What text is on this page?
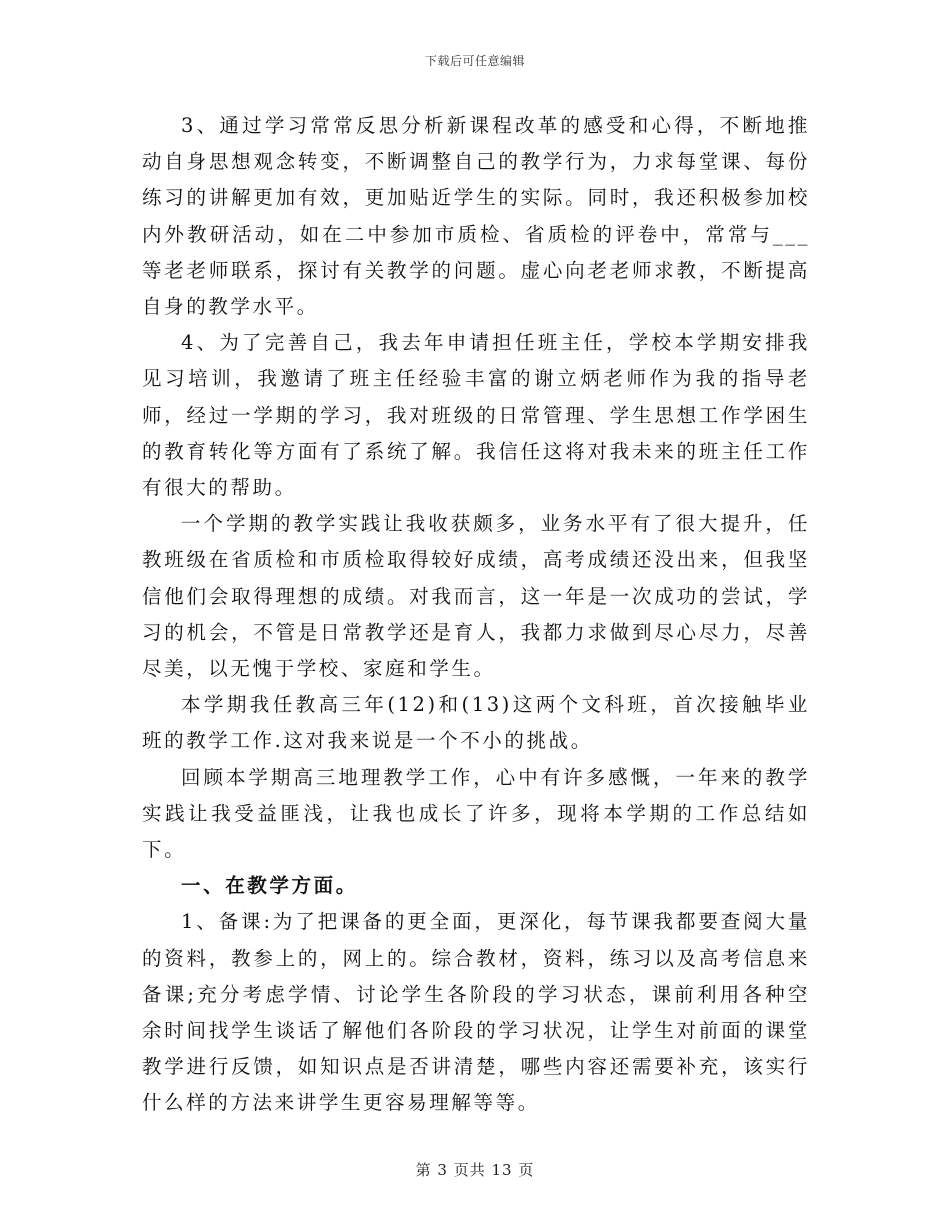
下载后可任意编辑

3、通过学习常常反思分析新课程改革的感受和心得，不断地推动自身思想观念转变，不断调整自己的教学行为，力求每堂课、每份练习的讲解更加有效，更加贴近学生的实际。同时，我还积极参加校内外教研活动，如在二中参加市质检、省质检的评卷中，常常与___等老老师联系，探讨有关教学的问题。虚心向老老师求教，不断提高自身的教学水平。

4、为了完善自己，我去年申请担任班主任，学校本学期安排我见习培训，我邀请了班主任经验丰富的谢立炳老师作为我的指导老师，经过一学期的学习，我对班级的日常管理、学生思想工作学困生的教育转化等方面有了系统了解。我信任这将对我未来的班主任工作有很大的帮助。

一个学期的教学实践让我收获颇多，业务水平有了很大提升，任教班级在省质检和市质检取得较好成绩，高考成绩还没出来，但我坚信他们会取得理想的成绩。对我而言，这一年是一次成功的尝试，学习的机会，不管是日常教学还是育人，我都力求做到尽心尽力，尽善尽美，以无愧于学校、家庭和学生。

本学期我任教高三年(12)和(13)这两个文科班，首次接触毕业班的教学工作.这对我来说是一个不小的挑战。

回顾本学期高三地理教学工作，心中有许多感慨，一年来的教学实践让我受益匪浅，让我也成长了许多，现将本学期的工作总结如下。

一、在教学方面。

1、备课:为了把课备的更全面，更深化，每节课我都要查阅大量的资料，教参上的，网上的。综合教材，资料，练习以及高考信息来备课;充分考虑学情、讨论学生各阶段的学习状态，课前利用各种空余时间找学生谈话了解他们各阶段的学习状况，让学生对前面的课堂教学进行反馈，如知识点是否讲清楚，哪些内容还需要补充，该实行什么样的方法来讲学生更容易理解等等。

第 3 页共 13 页
